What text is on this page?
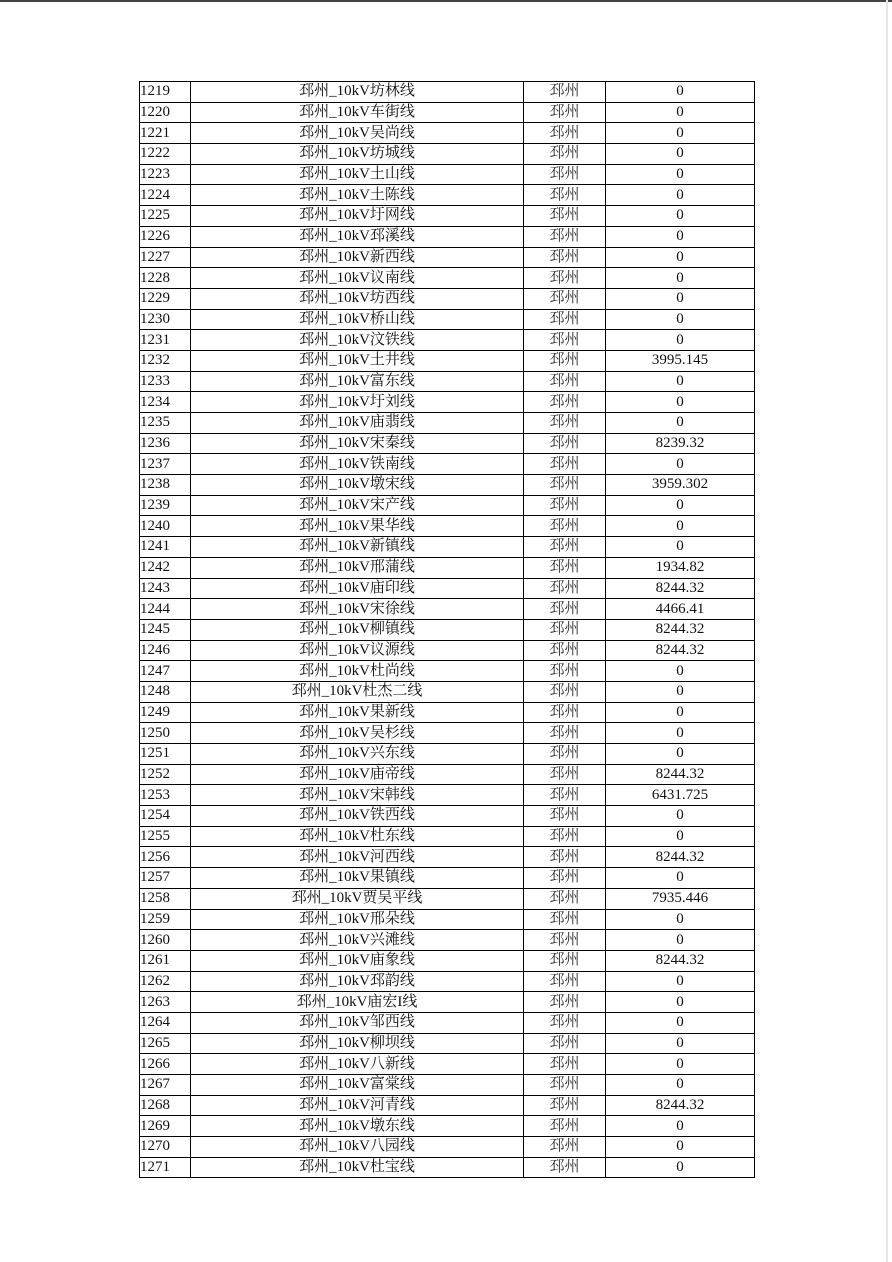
1219	邳州_10kV坊林线	邳州	0
1220	邳州_10kV车街线	邳州	0
1221	邳州_10kV吴尚线	邳州	0
1222	邳州_10kV坊城线	邳州	0
1223	邳州_10kV土山线	邳州	0
1224	邳州_10kV土陈线	邳州	0
1225	邳州_10kV圩网线	邳州	0
1226	邳州_10kV邳溪线	邳州	0
1227	邳州_10kV新西线	邳州	0
1228	邳州_10kV议南线	邳州	0
1229	邳州_10kV坊西线	邳州	0
1230	邳州_10kV桥山线	邳州	0
1231	邳州_10kV汶铁线	邳州	0
1232	邳州_10kV土井线	邳州	3995.145
1233	邳州_10kV富东线	邳州	0
1234	邳州_10kV圩刘线	邳州	0
1235	邳州_10kV庙翡线	邳州	0
1236	邳州_10kV宋秦线	邳州	8239.32
1237	邳州_10kV铁南线	邳州	0
1238	邳州_10kV墩宋线	邳州	3959.302
1239	邳州_10kV宋产线	邳州	0
1240	邳州_10kV果华线	邳州	0
1241	邳州_10kV新镇线	邳州	0
1242	邳州_10kV邢蒲线	邳州	1934.82
1243	邳州_10kV庙印线	邳州	8244.32
1244	邳州_10kV宋徐线	邳州	4466.41
1245	邳州_10kV柳镇线	邳州	8244.32
1246	邳州_10kV议源线	邳州	8244.32
1247	邳州_10kV杜尚线	邳州	0
1248	邳州_10kV杜杰二线	邳州	0
1249	邳州_10kV果新线	邳州	0
1250	邳州_10kV吴杉线	邳州	0
1251	邳州_10kV兴东线	邳州	0
1252	邳州_10kV庙帝线	邳州	8244.32
1253	邳州_10kV宋韩线	邳州	6431.725
1254	邳州_10kV铁西线	邳州	0
1255	邳州_10kV杜东线	邳州	0
1256	邳州_10kV河西线	邳州	8244.32
1257	邳州_10kV果镇线	邳州	0
1258	邳州_10kV贾吴平线	邳州	7935.446
1259	邳州_10kV邢朵线	邳州	0
1260	邳州_10kV兴滩线	邳州	0
1261	邳州_10kV庙象线	邳州	8244.32
1262	邳州_10kV邳韵线	邳州	0
1263	邳州_10kV庙宏I线	邳州	0
1264	邳州_10kV邹西线	邳州	0
1265	邳州_10kV柳坝线	邳州	0
1266	邳州_10kV八新线	邳州	0
1267	邳州_10kV富棠线	邳州	0
1268	邳州_10kV河青线	邳州	8244.32
1269	邳州_10kV墩东线	邳州	0
1270	邳州_10kV八园线	邳州	0
1271	邳州_10kV杜宝线	邳州	0
